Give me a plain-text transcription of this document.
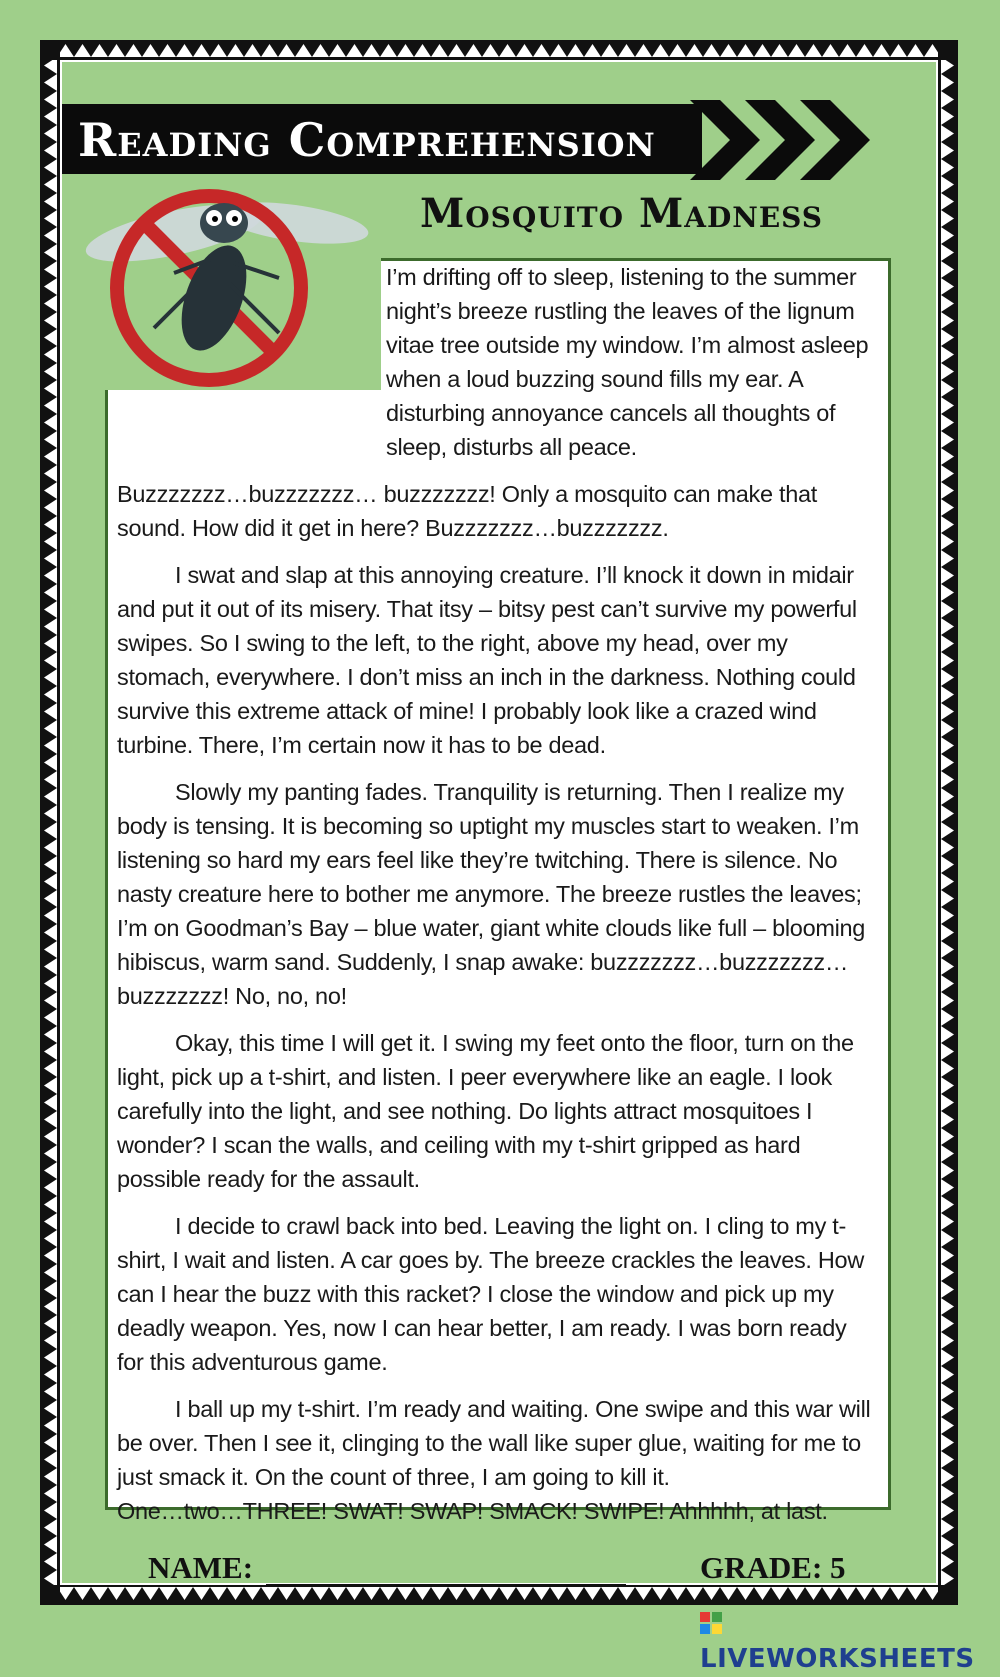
Reading Comprehension
Mosquito Madness

I’m drifting off to sleep, listening to the summer night’s breeze rustling the leaves of the lignum vitae tree outside my window. I’m almost asleep when a loud buzzing sound fills my ear. A disturbing annoyance cancels all thoughts of sleep, disturbs all peace.

Buzzzzzzz…buzzzzzzz… buzzzzzzz! Only a mosquito can make that sound. How did it get in here? Buzzzzzzz…buzzzzzzz.

I swat and slap at this annoying creature. I’ll knock it down in midair and put it out of its misery. That itsy – bitsy pest can’t survive my powerful swipes. So I swing to the left, to the right, above my head, over my stomach, everywhere. I don’t miss an inch in the darkness. Nothing could survive this extreme attack of mine! I probably look like a crazed wind turbine. There, I’m certain now it has to be dead.

Slowly my panting fades. Tranquility is returning. Then I realize my body is tensing. It is becoming so uptight my muscles start to weaken. I’m listening so hard my ears feel like they’re twitching. There is silence. No nasty creature here to bother me anymore. The breeze rustles the leaves; I’m on Goodman’s Bay – blue water, giant white clouds like full – blooming hibiscus, warm sand. Suddenly, I snap awake: buzzzzzzz…buzzzzzzz… buzzzzzzz! No, no, no!

Okay, this time I will get it. I swing my feet onto the floor, turn on the light, pick up a t-shirt, and listen. I peer everywhere like an eagle. I look carefully into the light, and see nothing. Do lights attract mosquitoes I wonder? I scan the walls, and ceiling with my t-shirt gripped as hard possible ready for the assault.

I decide to crawl back into bed. Leaving the light on. I cling to my t-shirt, I wait and listen. A car goes by. The breeze crackles the leaves. How can I hear the buzz with this racket? I close the window and pick up my deadly weapon. Yes, now I can hear better, I am ready. I was born ready for this adventurous game.

I ball up my t-shirt. I’m ready and waiting. One swipe and this war will be over. Then I see it, clinging to the wall like super glue, waiting for me to just smack it. On the count of three, I am going to kill it.

One…two…THREE! SWAT! SWAP! SMACK! SWIPE! Ahhhhh, at last.

NAME:	GRADE: 5
LIVEWORKSHEETS
